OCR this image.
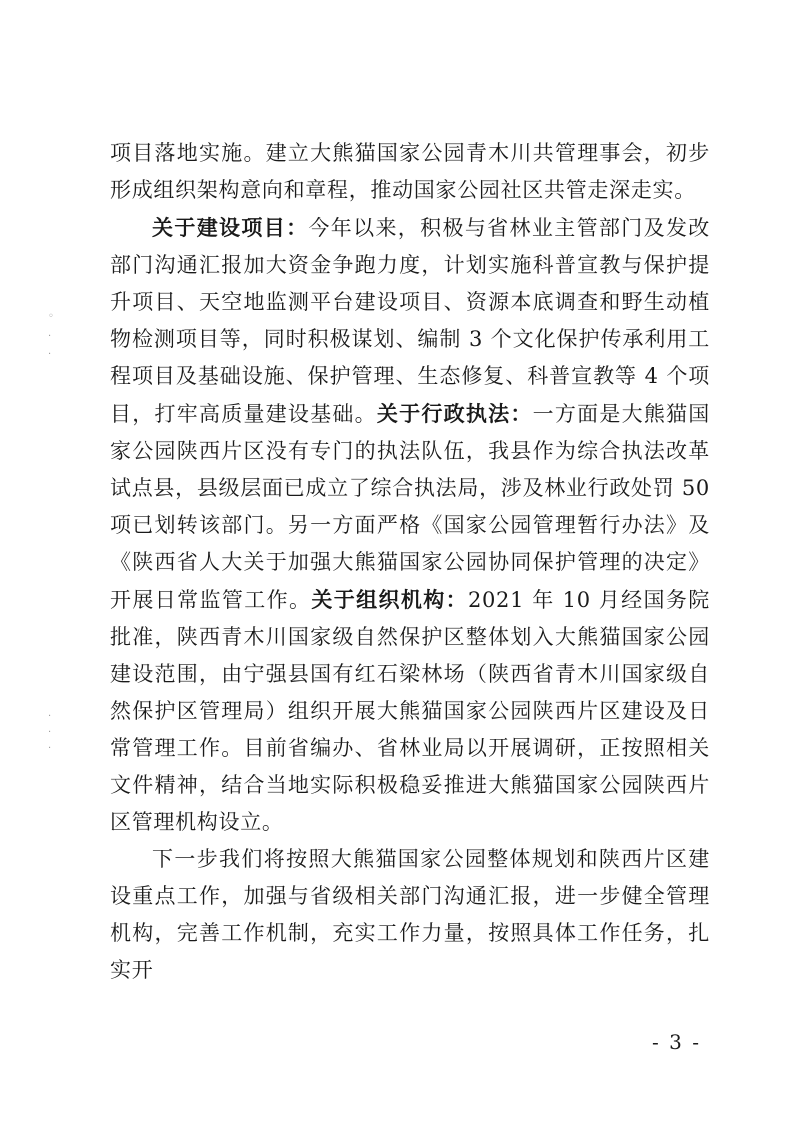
◦
·
·
·
·
·

项目落地实施。建立大熊猫国家公园青木川共管理事会，初步形成组织架构意向和章程，推动国家公园社区共管走深走实。

关于建设项目：今年以来，积极与省林业主管部门及发改部门沟通汇报加大资金争跑力度，计划实施科普宣教与保护提升项目、天空地监测平台建设项目、资源本底调查和野生动植物检测项目等，同时积极谋划、编制 3 个文化保护传承利用工程项目及基础设施、保护管理、生态修复、科普宣教等 4 个项目，打牢高质量建设基础。关于行政执法：一方面是大熊猫国家公园陕西片区没有专门的执法队伍，我县作为综合执法改革试点县，县级层面已成立了综合执法局，涉及林业行政处罚 50 项已划转该部门。另一方面严格《国家公园管理暂行办法》及《陕西省人大关于加强大熊猫国家公园协同保护管理的决定》开展日常监管工作。关于组织机构：2021 年 10 月经国务院批准，陕西青木川国家级自然保护区整体划入大熊猫国家公园建设范围，由宁强县国有红石梁林场（陕西省青木川国家级自然保护区管理局）组织开展大熊猫国家公园陕西片区建设及日常管理工作。目前省编办、省林业局以开展调研，正按照相关文件精神，结合当地实际积极稳妥推进大熊猫国家公园陕西片区管理机构设立。

下一步我们将按照大熊猫国家公园整体规划和陕西片区建设重点工作，加强与省级相关部门沟通汇报，进一步健全管理机构，完善工作机制，充实工作力量，按照具体工作任务，扎实开

- 3 -
